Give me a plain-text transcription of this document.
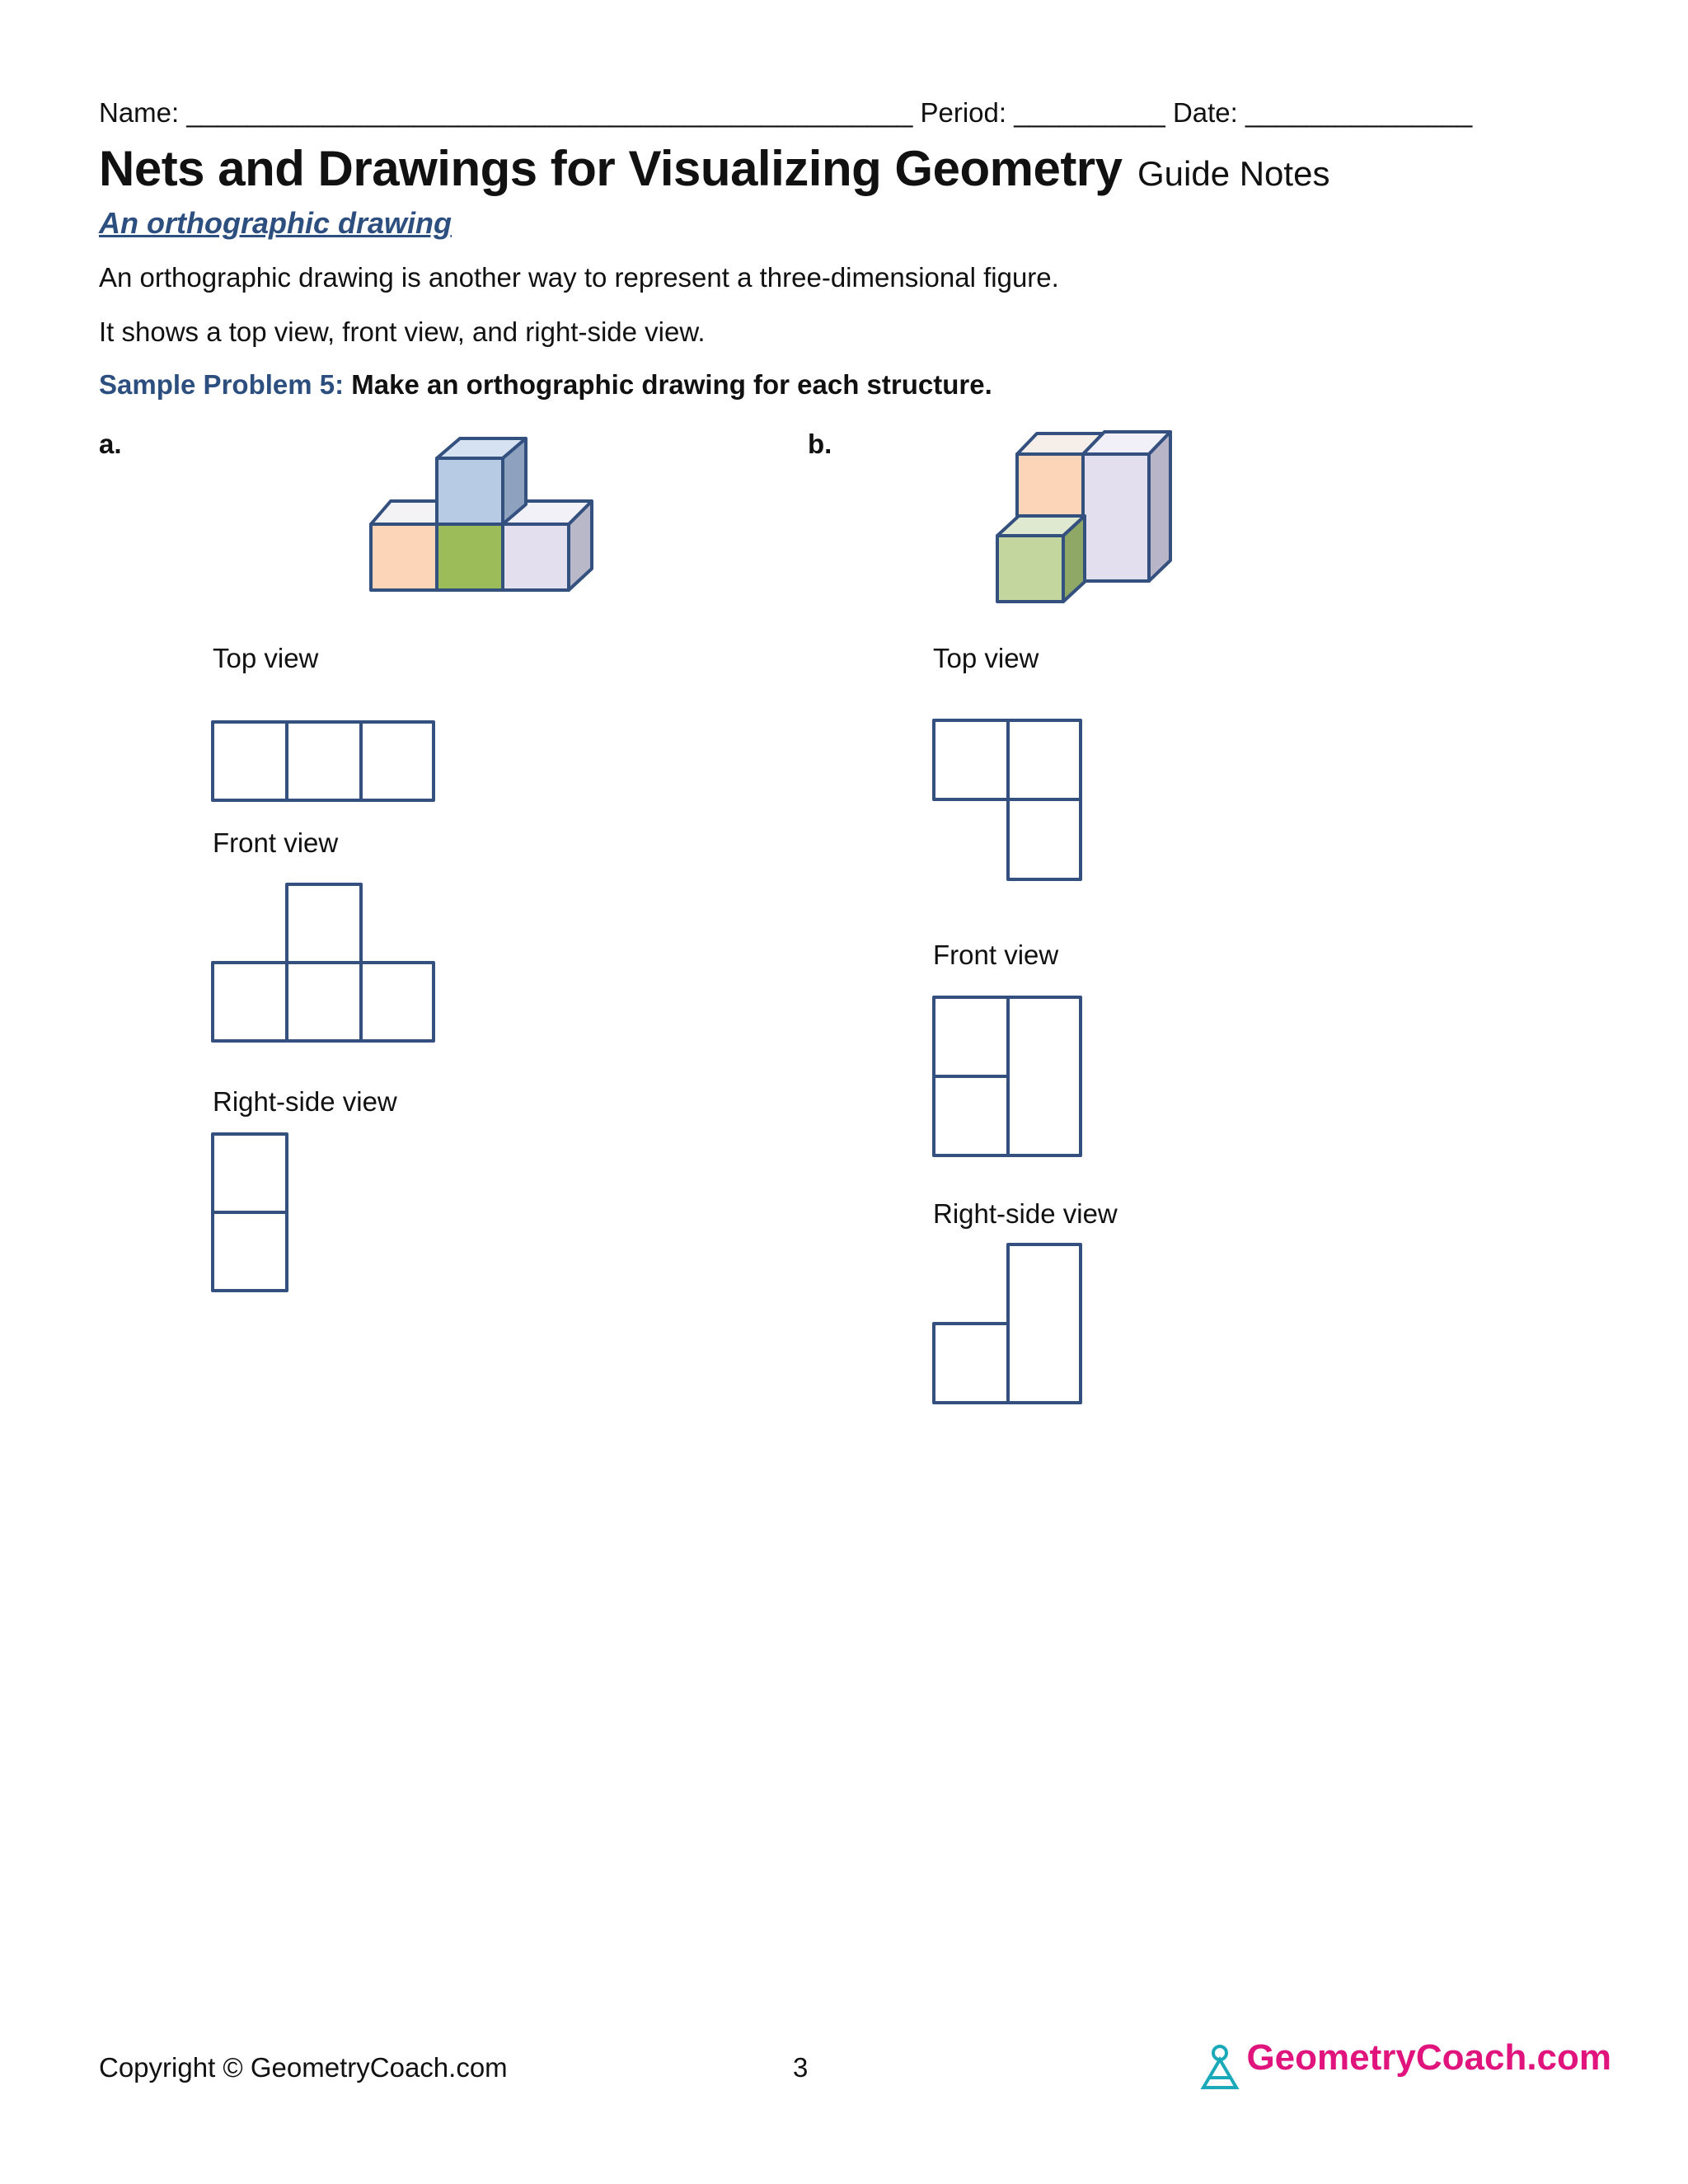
Name: ________________________________________________ Period: __________ Date: _______________
Nets and Drawings for Visualizing Geometry Guide Notes
An orthographic drawing
An orthographic drawing is another way to represent a three-dimensional figure.
It shows a top view, front view, and right-side view.
Sample Problem 5: Make an orthographic drawing for each structure.
a.	b.
Top view
Front view
Right-side view
Top view
Front view
Right-side view
Copyright © GeometryCoach.com	3	GeometryCoach.com
